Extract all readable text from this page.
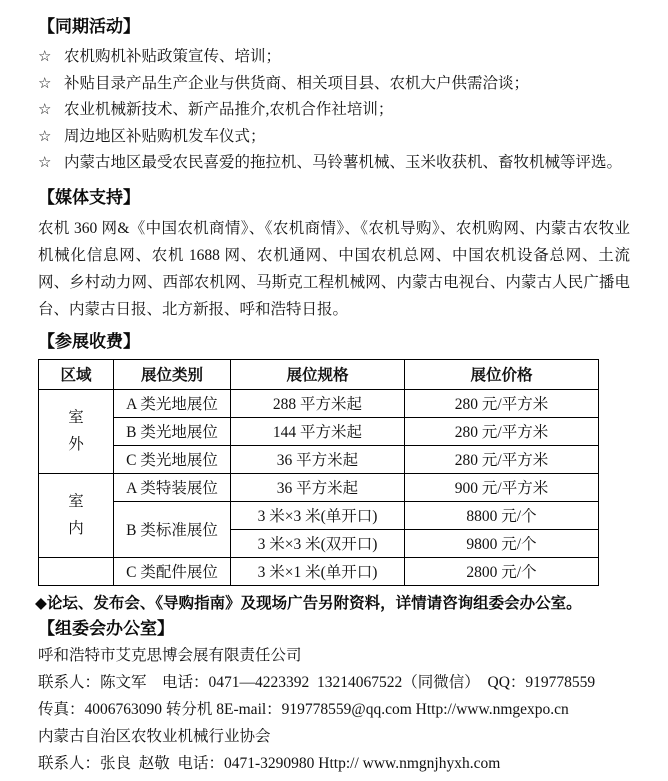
【同期活动】
☆ 农机购机补贴政策宣传、培训；
☆ 补贴目录产品生产企业与供货商、相关项目县、农机大户供需洽谈；
☆ 农业机械新技术、新产品推介,农机合作社培训；
☆ 周边地区补贴购机发车仪式；
☆ 内蒙古地区最受农民喜爱的拖拉机、马铃薯机械、玉米收获机、畜牧机械等评选。
【媒体支持】

农机 360 网&《中国农机商情》、《农机商情》、《农机导购》、农机购网、内蒙古农牧业机械化信息网、农机 1688 网、农机通网、中国农机总网、中国农机设备总网、土流网、乡村动力网、西部农机网、马斯克工程机械网、内蒙古电视台、内蒙古人民广播电台、内蒙古日报、北方新报、呼和浩特日报。

【参展收费】
区域	展位类别	展位规格	展位价格
室外	A 类光地展位	288 平方米起	280 元/平方米
	B 类光地展位	144 平方米起	280 元/平方米
	C 类光地展位	36 平方米起	280 元/平方米
室内	A 类特装展位	36 平方米起	900 元/平方米
	B 类标准展位	3 米×3 米(单开口)	8800 元/个
		3 米×3 米(双开口)	9800 元/个
	C 类配件展位	3 米×1 米(单开口)	2800 元/个

◆论坛、发布会、《导购指南》及现场广告另附资料，详情请咨询组委会办公室。

【组委会办公室】

呼和浩特市艾克思博会展有限责任公司

联系人：陈文军    电话：0471—4223392  13214067522（同微信）  QQ：919778559

传真：4006763090 转分机 8E-mail：919778559@qq.com Http://www.nmgexpo.cn

内蒙古自治区农牧业机械行业协会

联系人：张良  赵敬  电话：0471-3290980 Http:// www.nmgnjhyxh.com
